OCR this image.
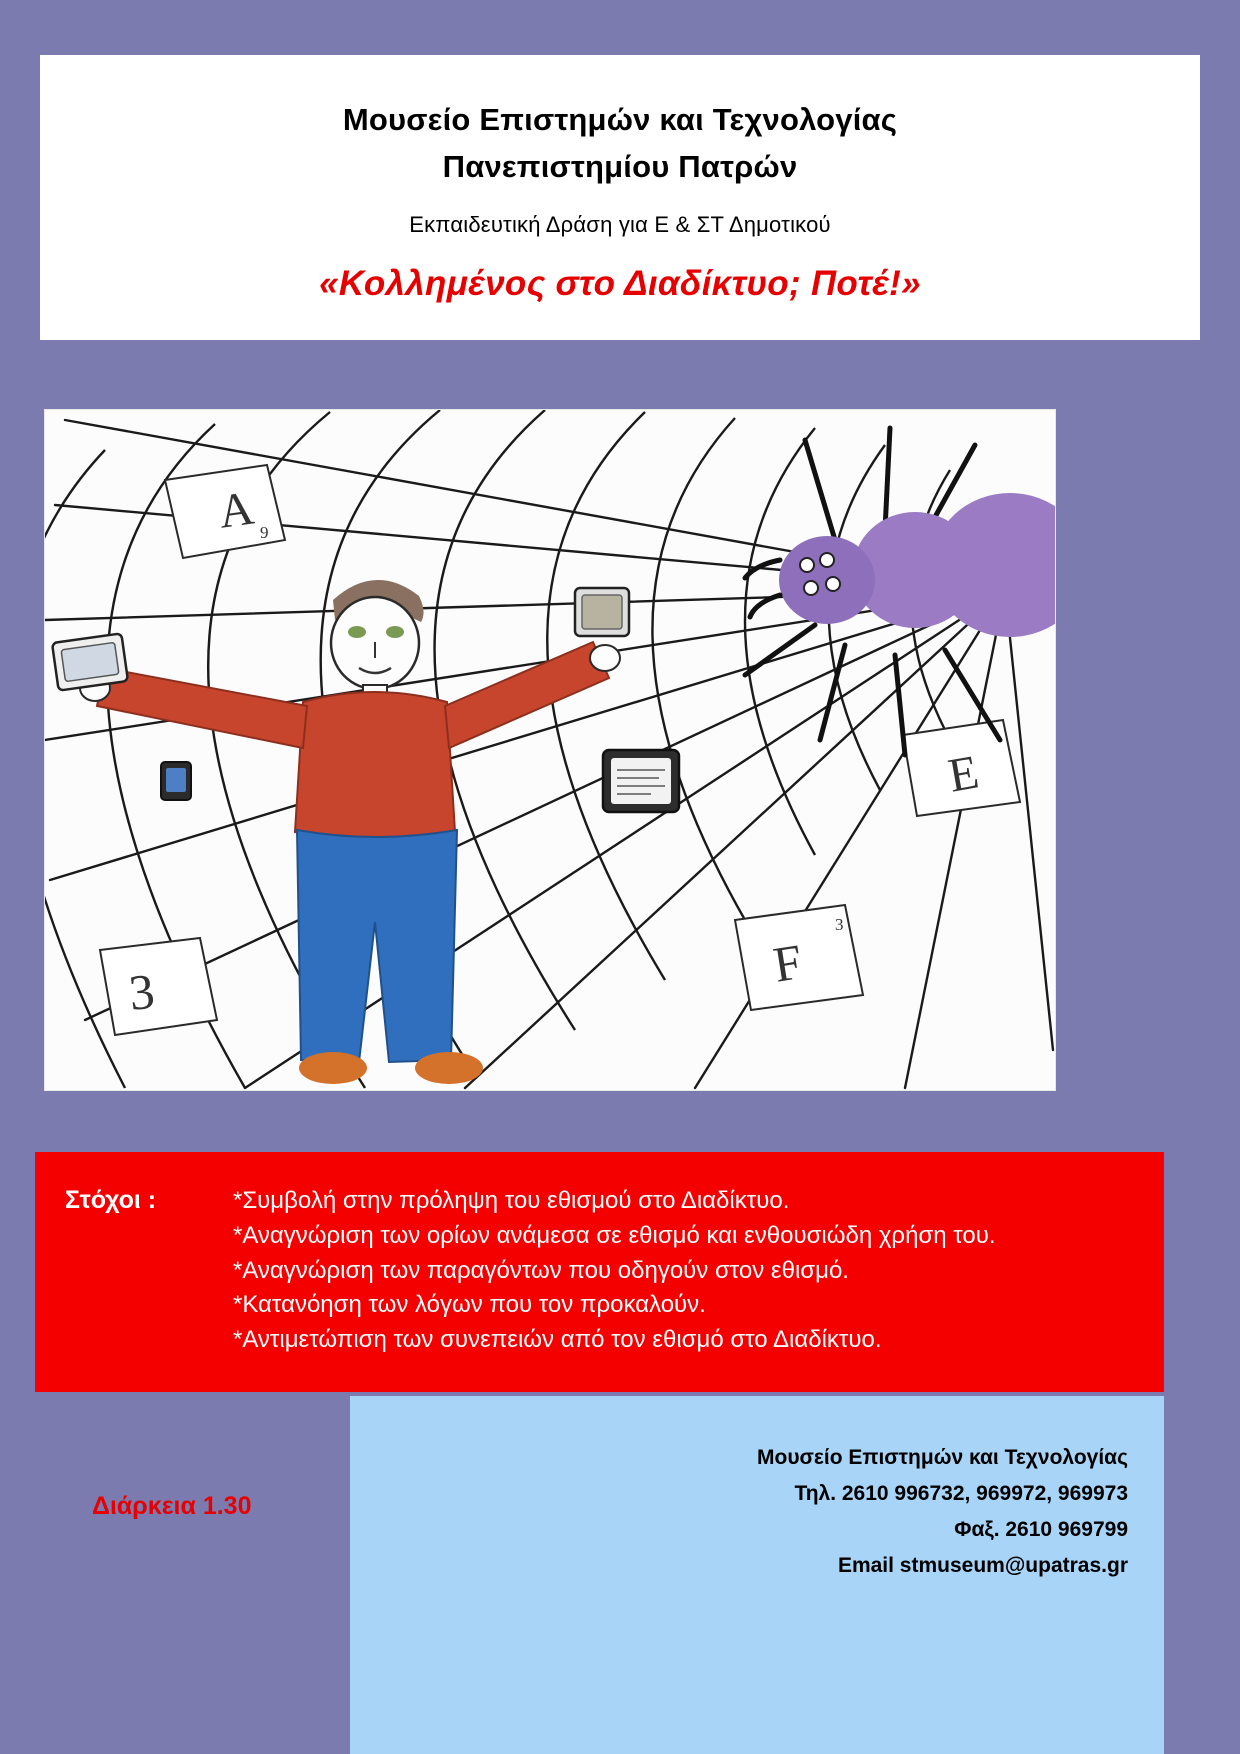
Μουσείο Επιστημών και Τεχνολογίας
Πανεπιστημίου Πατρών
Εκπαιδευτική Δράση για Ε & ΣΤ Δημοτικού
«Κολλημένος στο Διαδίκτυο; Ποτέ!»
A 9
E
F
3
3
Στόχοι :	*Συμβολή στην πρόληψη του εθισμού στο Διαδίκτυο.
*Αναγνώριση των ορίων ανάμεσα σε εθισμό και ενθουσιώδη χρήση του.
*Αναγνώριση των παραγόντων που οδηγούν στον εθισμό.
*Κατανόηση των λόγων που τον προκαλούν.
*Αντιμετώπιση των συνεπειών από τον εθισμό στο Διαδίκτυο.
Διάρκεια 1.30
Μουσείο Επιστημών και Τεχνολογίας
Τηλ. 2610 996732, 969972, 969973
Φαξ. 2610 969799
Email stmuseum@upatras.gr
